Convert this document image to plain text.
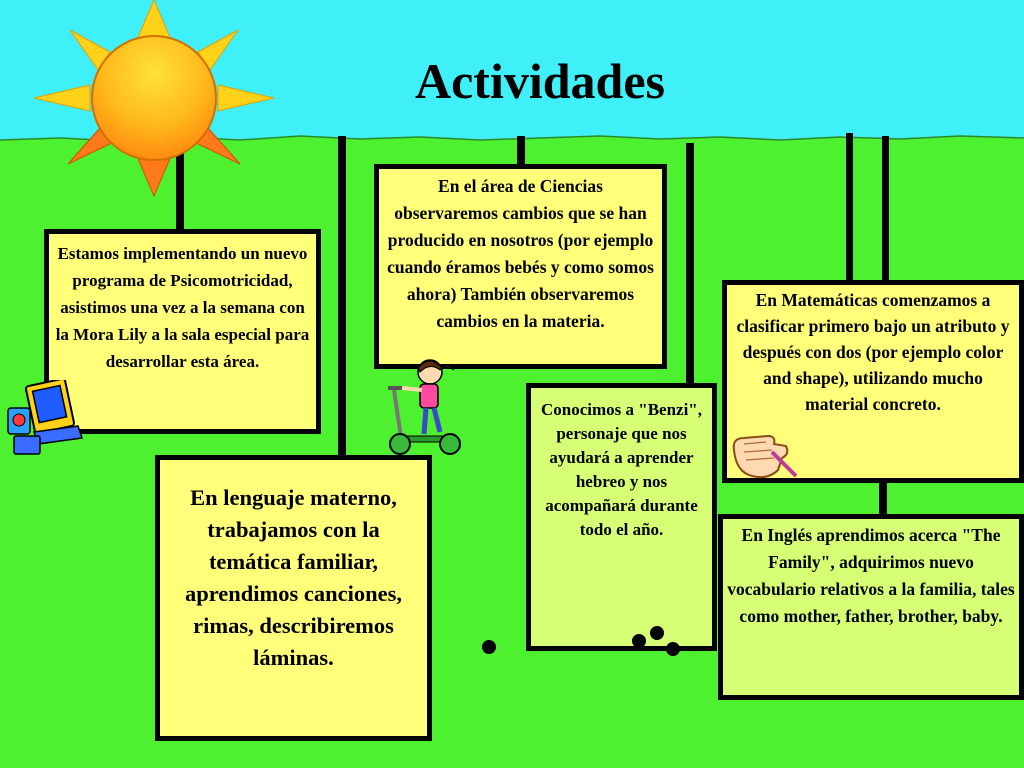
Actividades

Estamos implementando un nuevo programa de Psicomotricidad, asistimos una vez a la semana con la Mora Lily a la sala especial para desarrollar esta área.

En el área de Ciencias observaremos cambios que se han producido en nosotros (por ejemplo cuando éramos bebés y como somos ahora) También observaremos cambios en la materia.

En lenguaje materno, trabajamos con la temática familiar, aprendimos canciones, rimas, describiremos láminas.

Conocimos a "Benzi", personaje que nos ayudará a aprender hebreo y nos acompañará durante todo el año.

En Matemáticas comenzamos a clasificar primero bajo un atributo y después con dos (por ejemplo color and shape), utilizando mucho material concreto.

En Inglés aprendimos acerca "The Family", adquirimos nuevo vocabulario relativos a la familia, tales como mother, father, brother, baby.
